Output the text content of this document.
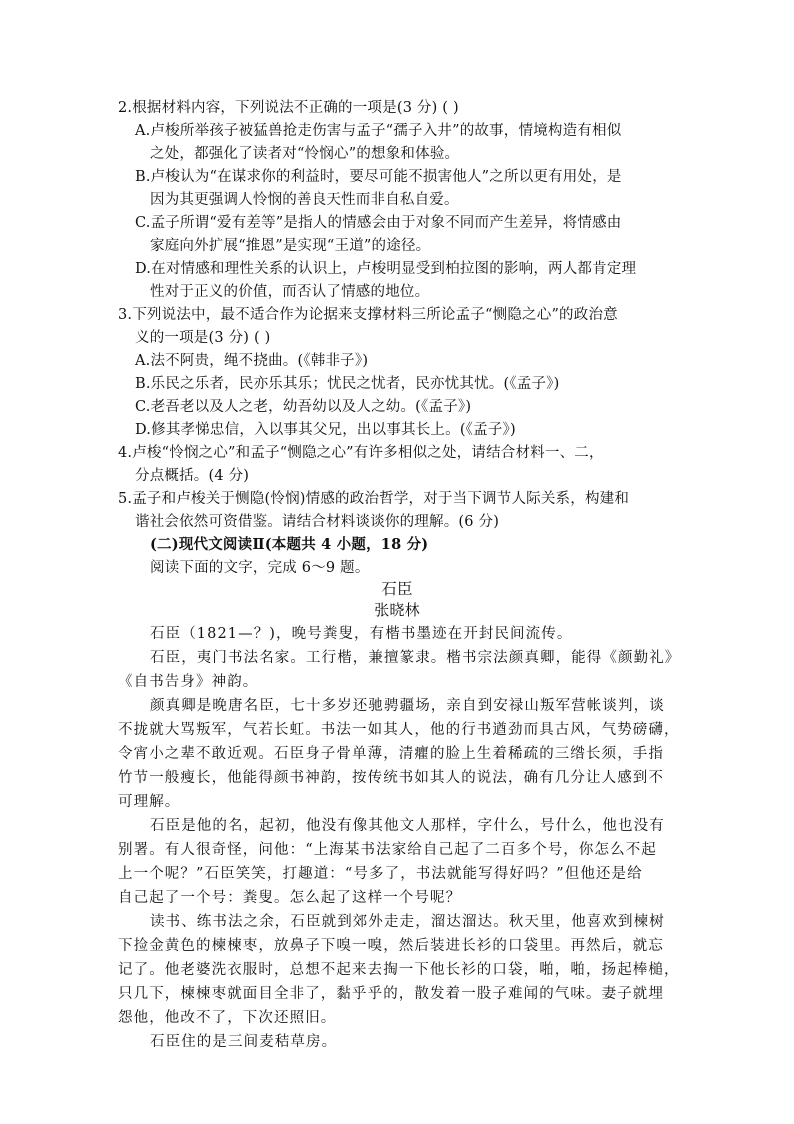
2.根据材料内容，下列说法不正确的一项是(3 分) ( )
A.卢梭所举孩子被猛兽抢走伤害与孟子“孺子入井”的故事，情境构造有相似
之处，都强化了读者对“怜悯心”的想象和体验。
B.卢梭认为“在谋求你的利益时，要尽可能不损害他人”之所以更有用处，是
因为其更强调人怜悯的善良天性而非自私自爱。
C.孟子所谓“爱有差等”是指人的情感会由于对象不同而产生差异，将情感由
家庭向外扩展“推恩”是实现“王道”的途径。
D.在对情感和理性关系的认识上，卢梭明显受到柏拉图的影响，两人都肯定理
性对于正义的价值，而否认了情感的地位。
3.下列说法中，最不适合作为论据来支撑材料三所论孟子“恻隐之心”的政治意
义的一项是(3 分) ( )
A.法不阿贵，绳不挠曲。(《韩非子》)
B.乐民之乐者，民亦乐其乐；忧民之忧者，民亦忧其忧。(《孟子》)
C.老吾老以及人之老，幼吾幼以及人之幼。(《孟子》)
D.修其孝悌忠信，入以事其父兄，出以事其长上。(《孟子》)
4.卢梭“怜悯之心”和孟子“恻隐之心”有许多相似之处，请结合材料一、二，
分点概括。(4 分)
5.孟子和卢梭关于恻隐(怜悯)情感的政治哲学，对于当下调节人际关系，构建和
谐社会依然可资借鉴。请结合材料谈谈你的理解。(6 分)
(二)现代文阅读Ⅱ(本题共 4 小题，18 分)
阅读下面的文字，完成 6～9 题。
石臣
张晓林
石臣（1821—？)，晚号粪叟，有楷书墨迹在开封民间流传。
石臣，夷门书法名家。工行楷，兼擅篆隶。楷书宗法颜真卿，能得《颜勤礼》
《自书告身》神韵。
颜真卿是晚唐名臣，七十多岁还驰骋疆场，亲自到安禄山叛军营帐谈判，谈
不拢就大骂叛军，气若长虹。书法一如其人，他的行书遒劲而具古风，气势磅礴，
令宵小之辈不敢近观。石臣身子骨单薄，清癯的脸上生着稀疏的三绺长须，手指
竹节一般瘦长，他能得颜书神韵，按传统书如其人的说法，确有几分让人感到不
可理解。
石臣是他的名，起初，他没有像其他文人那样，字什么，号什么，他也没有
别署。有人很奇怪，问他：“上海某书法家给自己起了二百多个号，你怎么不起
上一个呢？”石臣笑笑，打趣道：“号多了，书法就能写得好吗？”但他还是给
自己起了一个号：粪叟。怎么起了这样一个号呢？
读书、练书法之余，石臣就到郊外走走，溜达溜达。秋天里，他喜欢到楝树
下捡金黄色的楝楝枣，放鼻子下嗅一嗅，然后装进长衫的口袋里。再然后，就忘
记了。他老婆洗衣服时，总想不起来去掏一下他长衫的口袋，啪，啪，扬起棒槌，
只几下，楝楝枣就面目全非了，黏乎乎的，散发着一股子难闻的气味。妻子就埋
怨他，他改不了，下次还照旧。
石臣住的是三间麦秸草房。
